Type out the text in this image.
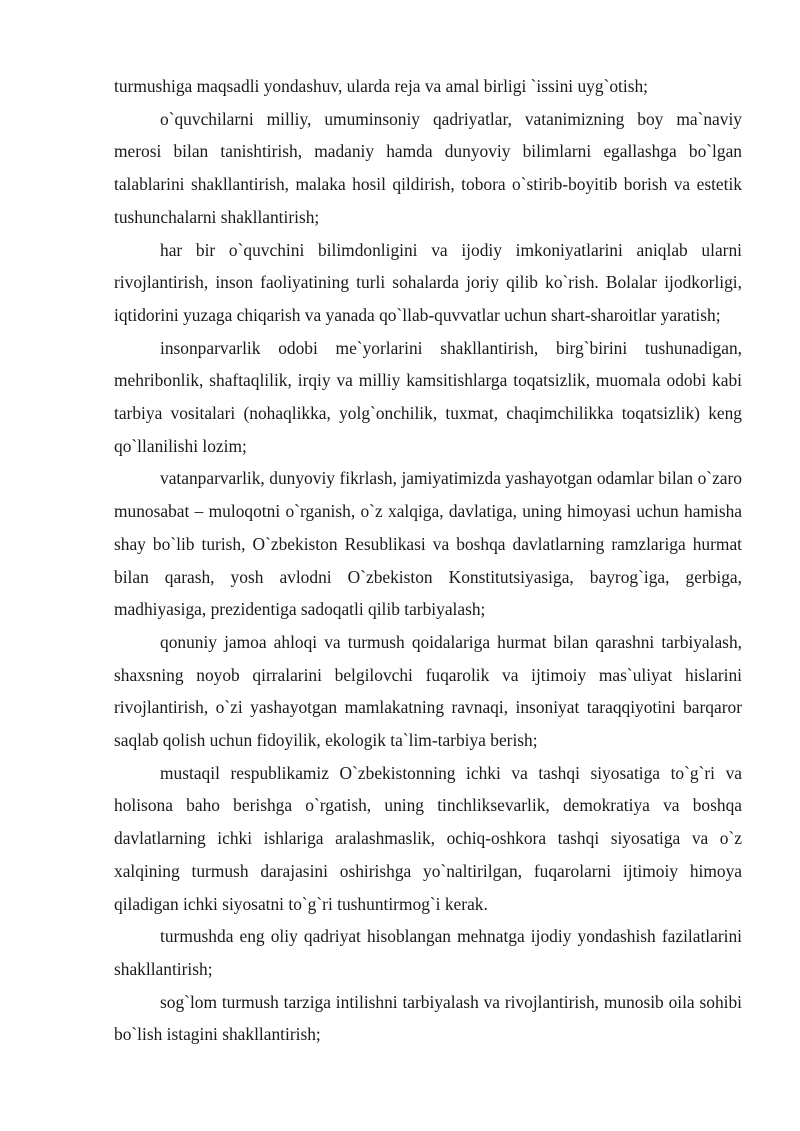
turmushiga maqsadli yondashuv, ularda reja va amal birligi `issini uyg`otish;

o`quvchilarni milliy, umuminsoniy qadriyatlar, vatanimizning boy ma`naviy merosi bilan tanishtirish, madaniy hamda dunyoviy bilimlarni egallashga bo`lgan talablarini shakllantirish, malaka hosil qildirish, tobora o`stirib-boyitib borish va estetik tushunchalarni shakllantirish;

har bir o`quvchini bilimdonligini va ijodiy imkoniyatlarini aniqlab ularni rivojlantirish, inson faoliyatining turli sohalarda joriy qilib ko`rish. Bolalar ijodkorligi, iqtidorini yuzaga chiqarish va yanada qo`llab-quvvatlar uchun shart-sharoitlar yaratish;

insonparvarlik odobi me`yorlarini shakllantirish, birg`birini tushunadigan, mehribonlik, shaftaqlilik, irqiy va milliy kamsitishlarga toqatsizlik, muomala odobi kabi tarbiya vositalari (nohaqlikka, yolg`onchilik, tuxmat, chaqimchilikka toqatsizlik) keng qo`llanilishi lozim;

vatanparvarlik, dunyoviy fikrlash, jamiyatimizda yashayotgan odamlar bilan o`zaro munosabat – muloqotni o`rganish, o`z xalqiga, davlatiga, uning himoyasi uchun hamisha shay bo`lib turish, O`zbekiston Resublikasi va boshqa davlatlarning ramzlariga hurmat bilan qarash, yosh avlodni O`zbekiston Konstitutsiyasiga, bayrog`iga, gerbiga, madhiyasiga, prezidentiga sadoqatli qilib tarbiyalash;

qonuniy jamoa ahloqi va turmush qoidalariga hurmat bilan qarashni tarbiyalash, shaxsning noyob qirralarini belgilovchi fuqarolik va ijtimoiy mas`uliyat hislarini rivojlantirish, o`zi yashayotgan mamlakatning ravnaqi, insoniyat taraqqiyotini barqaror saqlab qolish uchun fidoyilik, ekologik ta`lim-tarbiya berish;

mustaqil respublikamiz O`zbekistonning ichki va tashqi siyosatiga to`g`ri va holisona baho berishga o`rgatish, uning tinchliksevarlik, demokratiya va boshqa davlatlarning ichki ishlariga aralashmaslik, ochiq-oshkora tashqi siyosatiga va o`z xalqining turmush darajasini oshirishga yo`naltirilgan, fuqarolarni ijtimoiy himoya qiladigan ichki siyosatni to`g`ri tushuntirmog`i kerak.

turmushda eng oliy qadriyat hisoblangan mehnatga ijodiy yondashish fazilatlarini shakllantirish;

sog`lom turmush tarziga intilishni tarbiyalash va rivojlantirish, munosib oila sohibi bo`lish istagini shakllantirish;
